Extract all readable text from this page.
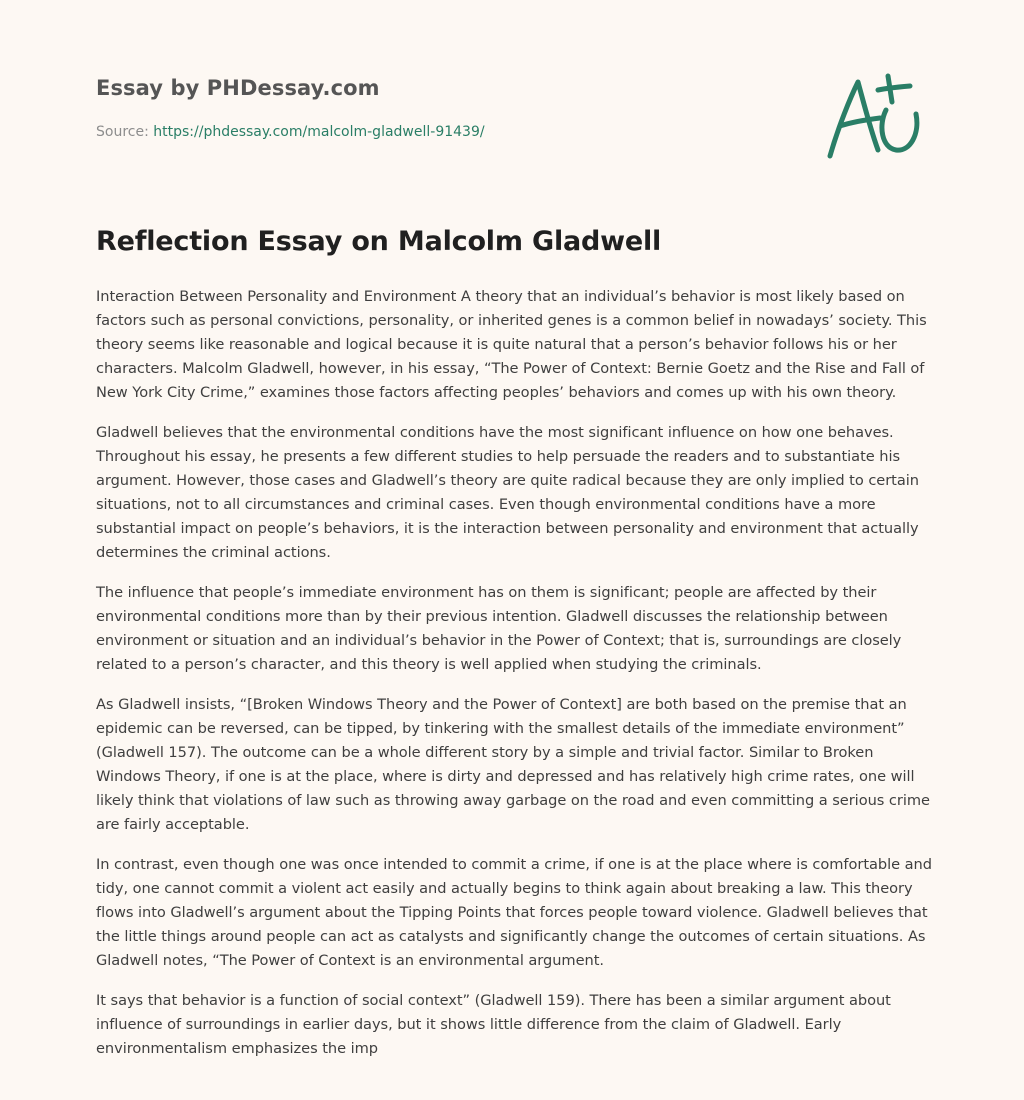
Essay by PHDessay.com
Source: https://phdessay.com/malcolm-gladwell-91439/
Reflection Essay on Malcolm Gladwell

Interaction Between Personality and Environment A theory that an individual’s behavior is most likely based on factors such as personal convictions, personality, or inherited genes is a common belief in nowadays’ society. This theory seems like reasonable and logical because it is quite natural that a person’s behavior follows his or her characters. Malcolm Gladwell, however, in his essay, “The Power of Context: Bernie Goetz and the Rise and Fall of New York City Crime,” examines those factors affecting peoples’ behaviors and comes up with his own theory.

Gladwell believes that the environmental conditions have the most significant influence on how one behaves. Throughout his essay, he presents a few different studies to help persuade the readers and to substantiate his argument. However, those cases and Gladwell’s theory are quite radical because they are only implied to certain situations, not to all circumstances and criminal cases. Even though environmental conditions have a more substantial impact on people’s behaviors, it is the interaction between personality and environment that actually determines the criminal actions.

The influence that people’s immediate environment has on them is significant; people are affected by their environmental conditions more than by their previous intention. Gladwell discusses the relationship between environment or situation and an individual’s behavior in the Power of Context; that is, surroundings are closely related to a person’s character, and this theory is well applied when studying the criminals.

As Gladwell insists, “[Broken Windows Theory and the Power of Context] are both based on the premise that an epidemic can be reversed, can be tipped, by tinkering with the smallest details of the immediate environment” (Gladwell 157). The outcome can be a whole different story by a simple and trivial factor. Similar to Broken Windows Theory, if one is at the place, where is dirty and depressed and has relatively high crime rates, one will likely think that violations of law such as throwing away garbage on the road and even committing a serious crime are fairly acceptable.

In contrast, even though one was once intended to commit a crime, if one is at the place where is comfortable and tidy, one cannot commit a violent act easily and actually begins to think again about breaking a law. This theory flows into Gladwell’s argument about the Tipping Points that forces people toward violence. Gladwell believes that the little things around people can act as catalysts and significantly change the outcomes of certain situations. As Gladwell notes, “The Power of Context is an environmental argument.

It says that behavior is a function of social context” (Gladwell 159). There has been a similar argument about influence of surroundings in earlier days, but it shows little difference from the claim of Gladwell. Early environmentalism emphasizes the imp
